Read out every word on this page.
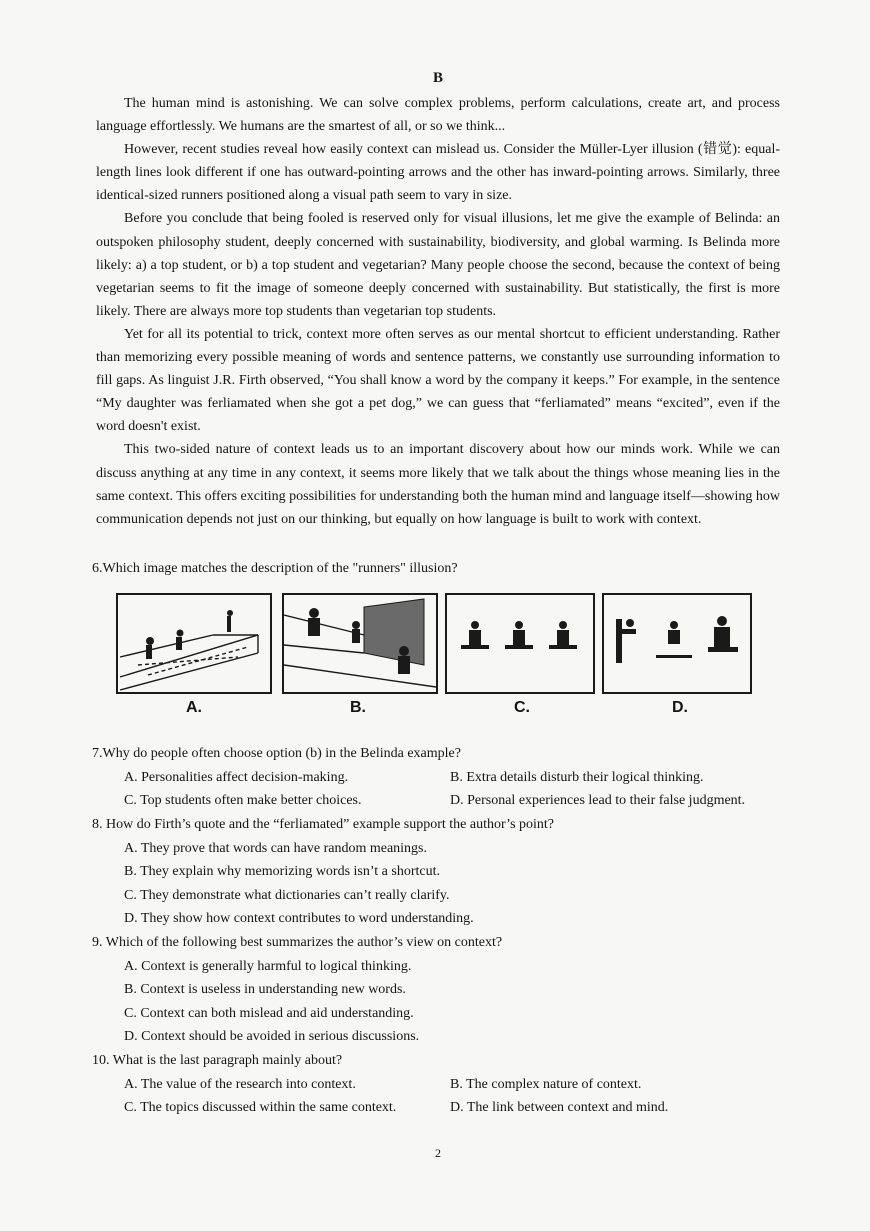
B

The human mind is astonishing. We can solve complex problems, perform calculations, create art, and process language effortlessly. We humans are the smartest of all, or so we think...

However, recent studies reveal how easily context can mislead us. Consider the Müller-Lyer illusion (错觉): equal-length lines look different if one has outward-pointing arrows and the other has inward-pointing arrows. Similarly, three identical-sized runners positioned along a visual path seem to vary in size.

Before you conclude that being fooled is reserved only for visual illusions, let me give the example of Belinda: an outspoken philosophy student, deeply concerned with sustainability, biodiversity, and global warming. Is Belinda more likely: a) a top student, or b) a top student and vegetarian? Many people choose the second, because the context of being vegetarian seems to fit the image of someone deeply concerned with sustainability. But statistically, the first is more likely. There are always more top students than vegetarian top students.

Yet for all its potential to trick, context more often serves as our mental shortcut to efficient understanding. Rather than memorizing every possible meaning of words and sentence patterns, we constantly use surrounding information to fill gaps. As linguist J.R. Firth observed, “You shall know a word by the company it keeps.” For example, in the sentence “My daughter was ferliamated when she got a pet dog,” we can guess that “ferliamated” means “excited”, even if the word doesn't exist.

This two-sided nature of context leads us to an important discovery about how our minds work. While we can discuss anything at any time in any context, it seems more likely that we talk about the things whose meaning lies in the same context. This offers exciting possibilities for understanding both the human mind and language itself—showing how communication depends not just on our thinking, but equally on how language is built to work with context.

6.Which image matches the description of the "runners" illusion?

A.	B.	C.	D.

7.Why do people often choose option (b) in the Belinda example?

A. Personalities affect decision-making.	B. Extra details disturb their logical thinking.
C. Top students often make better choices.	D. Personal experiences lead to their false judgment.

8. How do Firth’s quote and the “ferliamated” example support the author’s point?

A. They prove that words can have random meanings.
B. They explain why memorizing words isn’t a shortcut.
C. They demonstrate what dictionaries can’t really clarify.
D. They show how context contributes to word understanding.

9. Which of the following best summarizes the author’s view on context?

A. Context is generally harmful to logical thinking.
B. Context is useless in understanding new words.
C. Context can both mislead and aid understanding.
D. Context should be avoided in serious discussions.

10. What is the last paragraph mainly about?

A. The value of the research into context.	B. The complex nature of context.
C. The topics discussed within the same context.	D. The link between context and mind.
2
